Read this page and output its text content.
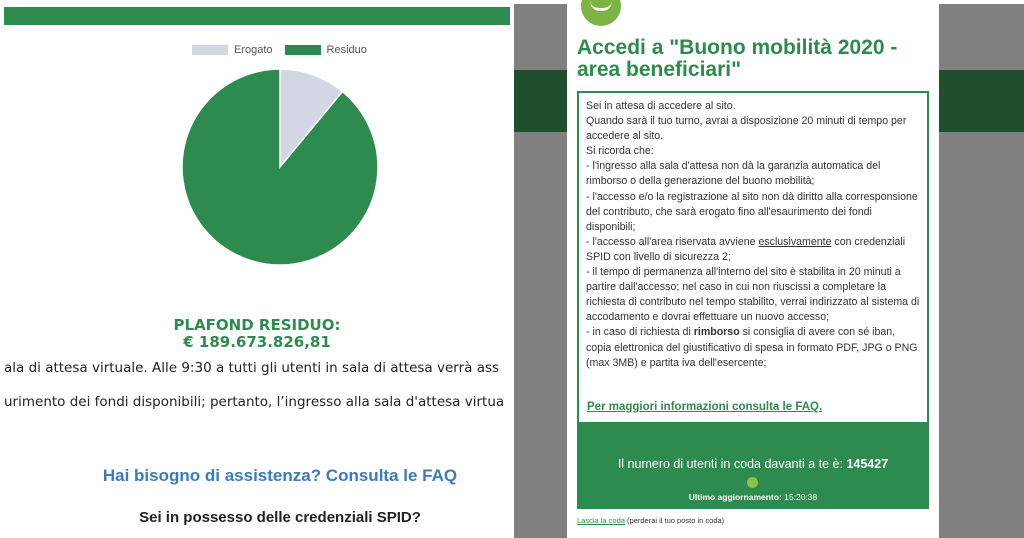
Erogato	Residuo
PLAFOND RESIDUO:
€ 189.673.826,81
ala di attesa virtuale. Alle 9:30 a tutti gli utenti in sala di attesa verrà ass
urimento dei fondi disponibili; pertanto, l’ingresso alla sala d'attesa virtua
Hai bisogno di assistenza? Consulta le FAQ
Sei in possesso delle credenziali SPID?
Accedi a "Buono mobilità 2020 - area beneficiari"

Sei in attesa di accedere al sito.

Quando sarà il tuo turno, avrai a disposizione 20 minuti di tempo per accedere al sito.

Si ricorda che:

- l'ingresso alla sala d'attesa non dà la garanzia automatica del rimborso o della generazione del buono mobilità;

- l'accesso e/o la registrazione al sito non dà diritto alla corresponsione del contributo, che sarà erogato fino all'esaurimento dei fondi disponibili;

- l'accesso all'area riservata avviene esclusivamente con credenziali SPID con livello di sicurezza 2;

- il tempo di permanenza all'interno del sito è stabilita in 20 minuti a partire dall'accesso; nel caso in cui non riuscissi a completare la richiesta di contributo nel tempo stabilito, verrai indirizzato al sistema di accodamento e dovrai effettuare un nuovo accesso;

- in caso di richiesta di rimborso si consiglia di avere con sé iban, copia elettronica del giustificativo di spesa in formato PDF, JPG o PNG (max 3MB) e partita iva dell'esercente;

Per maggiori informazioni consulta le FAQ.
Il numero di utenti in coda davanti a te è: 145427
Ultimo aggiornamento: 15:20:38
Lascia la coda (perderai il tuo posto in coda)
